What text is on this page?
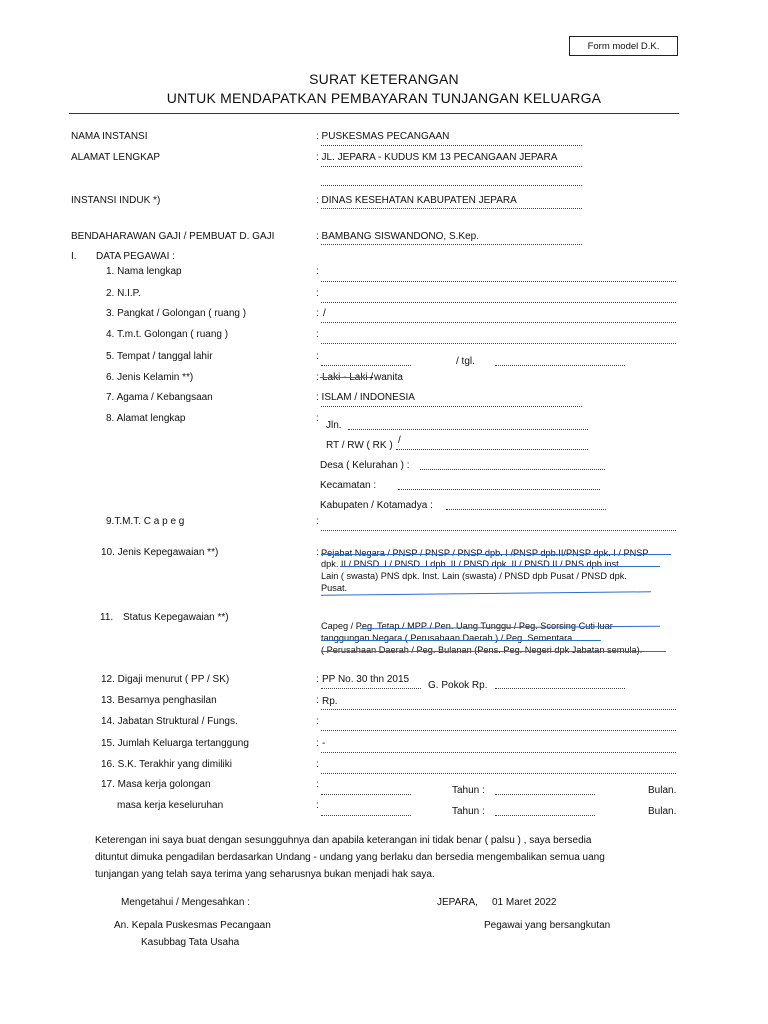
Form model D.K.
SURAT KETERANGAN
UNTUK MENDAPATKAN PEMBAYARAN TUNJANGAN KELUARGA
NAMA INSTANSI	: PUSKESMAS PECANGAAN
ALAMAT LENGKAP	: JL. JEPARA - KUDUS KM 13 PECANGAAN JEPARA
INSTANSI INDUK *)	: DINAS KESEHATAN KABUPATEN JEPARA
BENDAHARAWAN GAJI / PEMBUAT D. GAJI	: BAMBANG SISWANDONO, S.Kep.
I. DATA PEGAWAI :
1. Nama lengkap	:
2. N.I.P.	:
3. Pangkat / Golongan ( ruang )	: /
4. T.m.t. Golongan ( ruang )	:
5. Tempat / tanggal lahir	:	/ tgl.
6. Jenis Kelamin **)	: Laki - Laki / wanita
7. Agama / Kebangsaan	: ISLAM / INDONESIA
8. Alamat lengkap	:
Jln.
RT / RW ( RK ) /
Desa ( Kelurahan ) :
Kecamatan :
Kabupaten / Kotamadya :
9.T.M.T. C a p e g	:
10. Jenis Kepegawaian **)	: Pejabat Negara / PNSP / PNSP / PNSP dpb. I /PNSP dpb.II/PNSP dpk. I / PNSP
dpk. II / PNSD. I / PNSD. I dpb. II / PNSD dpk. II / PNSD II / PNS dpb inst.
Lain ( swasta) PNS dpk. Inst. Lain (swasta) / PNSD dpb Pusat / PNSD dpk.
Pusat.
11. Status Kepegawaian **)
Capeg / Peg. Tetap / MPP / Pen. Uang Tunggu / Peg. Scorsing Cuti luar
tanggungan Negara ( Perusahaan Daerah ) / Peg. Sementara
( Perusahaan Daerah / Peg. Bulanan (Pens. Peg. Negeri dpk Jabatan semula).
12. Digaji menurut ( PP / SK)	: PP No. 30 thn 2015
G. Pokok Rp.
13. Besarnya penghasilan	: Rp.
14. Jabatan Struktural / Fungs.	:
15. Jumlah Keluarga tertanggung	: -
16. S.K. Terakhir yang dimiliki	:
17. Masa kerja golongan	:
Tahun :	Bulan.
masa kerja keseluruhan	:
Tahun :	Bulan.
Keterengan ini saya buat dengan sesungguhnya dan apabila keterangan ini tidak benar ( palsu ) , saya bersedia
dituntut dimuka pengadilan berdasarkan Undang - undang yang berlaku dan bersedia mengembalikan semua uang
tunjangan yang telah saya terima yang seharusnya bukan menjadi hak saya.
Mengetahui / Mengesahkan :	JEPARA, 01 Maret 2022
An. Kepala Puskesmas Pecangaan	Pegawai yang bersangkutan
Kasubbag Tata Usaha
